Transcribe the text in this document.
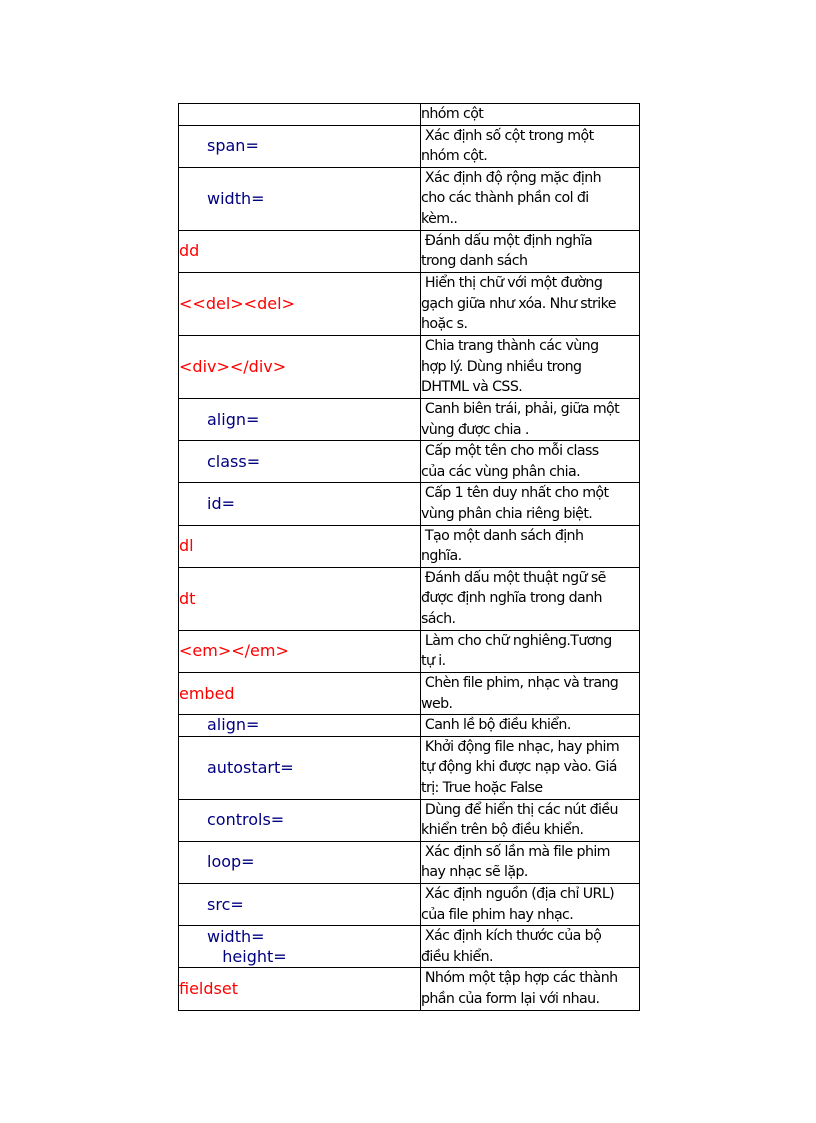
	nhóm cột
span=	Xác định số cột trong một
nhóm cột.
width=	Xác định độ rộng mặc định
cho các thành phần col đi
kèm..
dd	Đánh dấu một định nghĩa
trong danh sách
<<del><del>	Hiển thị chữ với một đường
gạch giữa như xóa. Như strike
hoặc s.
<div></div>	Chia trang thành các vùng
hợp lý. Dùng nhiều trong
DHTML và CSS.
align=	Canh biên trái, phải, giữa một
vùng được chia .
class=	Cấp một tên cho mỗi class
của các vùng phân chia.
id=	Cấp 1 tên duy nhất cho một
vùng phân chia riêng biệt.
dl	Tạo một danh sách định
nghĩa.
dt	Đánh dấu một thuật ngữ sẽ
được định nghĩa trong danh
sách.
<em></em>	Làm cho chữ nghiêng.Tương
tự i.
embed	Chèn file phim, nhạc và trang
web.
align=	Canh lề bộ điều khiển.
autostart=	Khởi động file nhạc, hay phim
tự động khi được nạp vào. Giá
trị: True hoặc False
controls=	Dùng để hiển thị các nút điều
khiển trên bộ điều khiển.
loop=	Xác định số lần mà file phim
hay nhạc sẽ lặp.
src=	Xác định nguồn (địa chỉ URL)
của file phim hay nhạc.
width=
height=	Xác định kích thước của bộ
điều khiển.
fieldset	Nhóm một tập hợp các thành
phần của form lại với nhau.
